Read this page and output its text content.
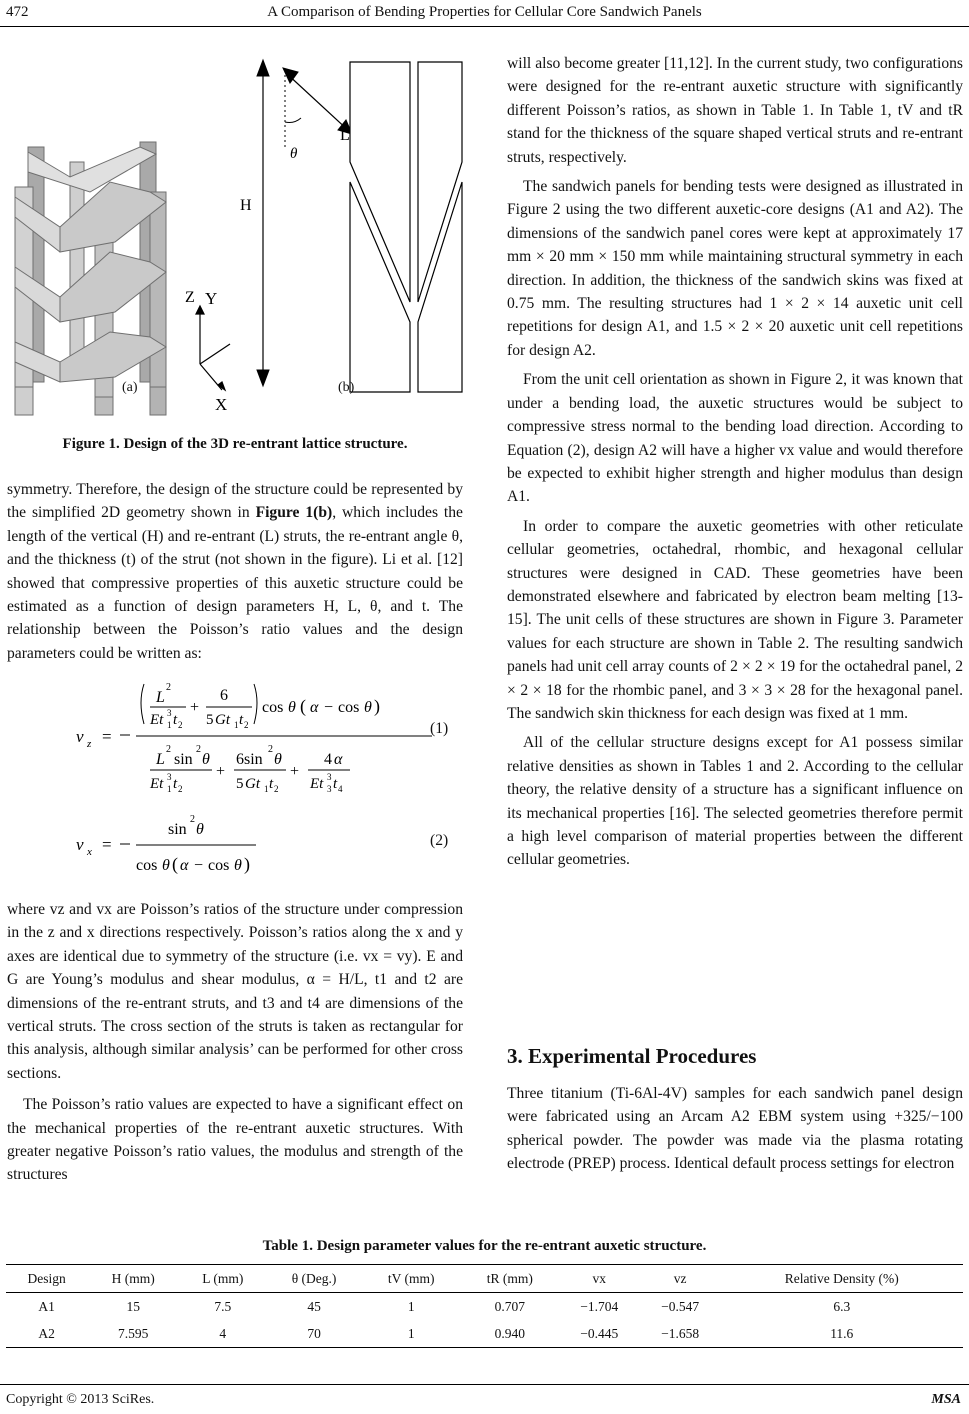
472	A Comparison of Bending Properties for Cellular Core Sandwich Panels
Z Y
X
H
L
θ
(a)	(b)
Figure 1. Design of the 3D re-entrant lattice structure.

symmetry. Therefore, the design of the structure could be represented by the simplified 2D geometry shown in Figure 1(b), which includes the length of the vertical (H) and re-entrant (L) struts, the re-entrant angle θ, and the thickness (t) of the strut (not shown in the figure). Li et al. [12] showed that compressive properties of this auxetic structure could be estimated as a function of design parameters H, L, θ, and t. The relationship between the Poisson’s ratio values and the design parameters could be written as:

v z =
L
2
Et 1 t 2
3 +
6
5 Gt 1 t 2
cos θ ( α − cos θ )
L
2
sin
2
θ
Et 1 t 2
3	+
6sin
2
θ
5 Gt 1 t 2
+
4 α
Et 3 t 4
3
(1)
v x =
sin
2
θ
cos θ ( α − cos θ )
(2)

where vz and vx are Poisson’s ratios of the structure under compression in the z and x directions respectively. Poisson’s ratios along the x and y axes are identical due to symmetry of the structure (i.e. vx = vy). E and G are Young’s modulus and shear modulus, α = H/L, t1 and t2 are dimensions of the re-entrant struts, and t3 and t4 are dimensions of the vertical struts. The cross section of the struts is taken as rectangular for this analysis, although similar analysis’ can be performed for other cross sections.

The Poisson’s ratio values are expected to have a significant effect on the mechanical properties of the re-entrant auxetic structures. With greater negative Poisson’s ratio values, the modulus and strength of the structures

will also become greater [11,12]. In the current study, two configurations were designed for the re-entrant auxetic structure with significantly different Poisson’s ratios, as shown in Table 1. In Table 1, tV and tR stand for the thickness of the square shaped vertical struts and re-entrant struts, respectively.

The sandwich panels for bending tests were designed as illustrated in Figure 2 using the two different auxetic-core designs (A1 and A2). The dimensions of the sandwich panel cores were kept at approximately 17 mm × 20 mm × 150 mm while maintaining structural symmetry in each direction. In addition, the thickness of the sandwich skins was fixed at 0.75 mm. The resulting structures had 1 × 2 × 14 auxetic unit cell repetitions for design A1, and 1.5 × 2 × 20 auxetic unit cell repetitions for design A2.

From the unit cell orientation as shown in Figure 2, it was known that under a bending load, the auxetic structures would be subject to compressive stress normal to the bending load direction. According to Equation (2), design A2 will have a higher vx value and would therefore be expected to exhibit higher strength and higher modulus than design A1.

In order to compare the auxetic geometries with other reticulate cellular geometries, octahedral, rhombic, and hexagonal cellular structures were designed in CAD. These geometries have been demonstrated elsewhere and fabricated by electron beam melting [13-15]. The unit cells of these structures are shown in Figure 3. Parameter values for each structure are shown in Table 2. The resulting sandwich panels had unit cell array counts of 2 × 2 × 19 for the octahedral panel, 2 × 2 × 18 for the rhombic panel, and 3 × 3 × 28 for the hexagonal panel. The sandwich skin thickness for each design was fixed at 1 mm.

All of the cellular structure designs except for A1 possess similar relative densities as shown in Tables 1 and 2. According to the cellular theory, the relative density of a structure has a significant influence on its mechanical properties [16]. The selected geometries therefore permit a high level comparison of material properties between the different cellular geometries.

3. Experimental Procedures

Three titanium (Ti-6Al-4V) samples for each sandwich panel design were fabricated using an Arcam A2 EBM system using +325/−100 spherical powder. The powder was made via the plasma rotating electrode (PREP) process. Identical default process settings for electron

Table 1. Design parameter values for the re-entrant auxetic structure.
Design	H (mm)	L (mm)	θ (Deg.)	tV (mm)	tR (mm)	vx	vz	Relative Density (%)
A1	15	7.5	45	1	0.707	−1.704	−0.547	6.3
A2	7.595	4	70	1	0.940	−0.445	−1.658	11.6
Copyright © 2013 SciRes.	MSA
